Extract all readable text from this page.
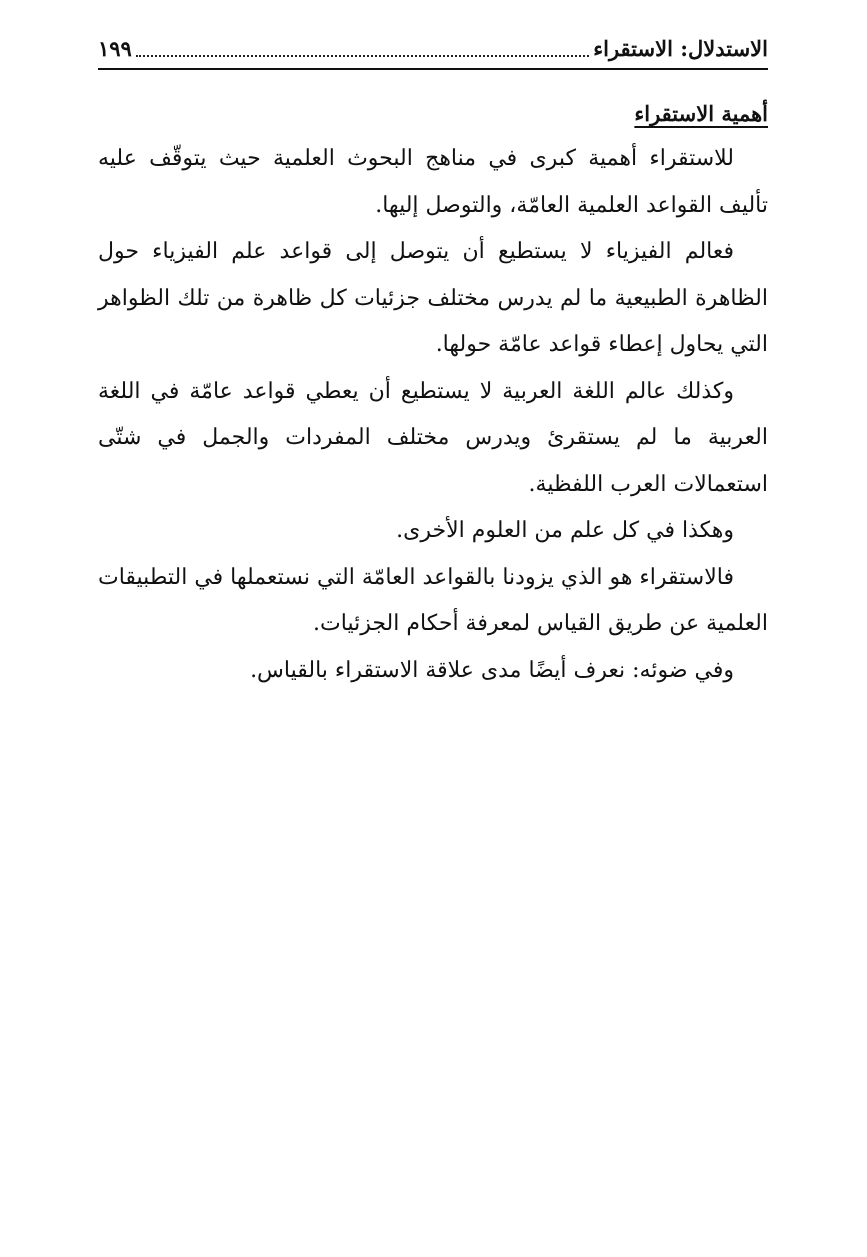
الاستدلال: الاستقراء
١٩٩
أهمية الاستقراء

للاستقراء أهمية كبرى في مناهج البحوث العلمية حيث يتوقّف عليه تأليف القواعد العلمية العامّة، والتوصل إليها.

فعالم الفيزياء لا يستطيع أن يتوصل إلى قواعد علم الفيزياء حول الظاهرة الطبيعية ما لم يدرس مختلف جزئيات كل ظاهرة من تلك الظواهر التي يحاول إعطاء قواعد عامّة حولها.

وكذلك عالم اللغة العربية لا يستطيع أن يعطي قواعد عامّة في اللغة العربية ما لم يستقرئ ويدرس مختلف المفردات والجمل في شتّى استعمالات العرب اللفظية.

وهكذا في كل علم من العلوم الأخرى.

فالاستقراء هو الذي يزودنا بالقواعد العامّة التي نستعملها في التطبيقات العلمية عن طريق القياس لمعرفة أحكام الجزئيات.

وفي ضوئه: نعرف أيضًا مدى علاقة الاستقراء بالقياس.
